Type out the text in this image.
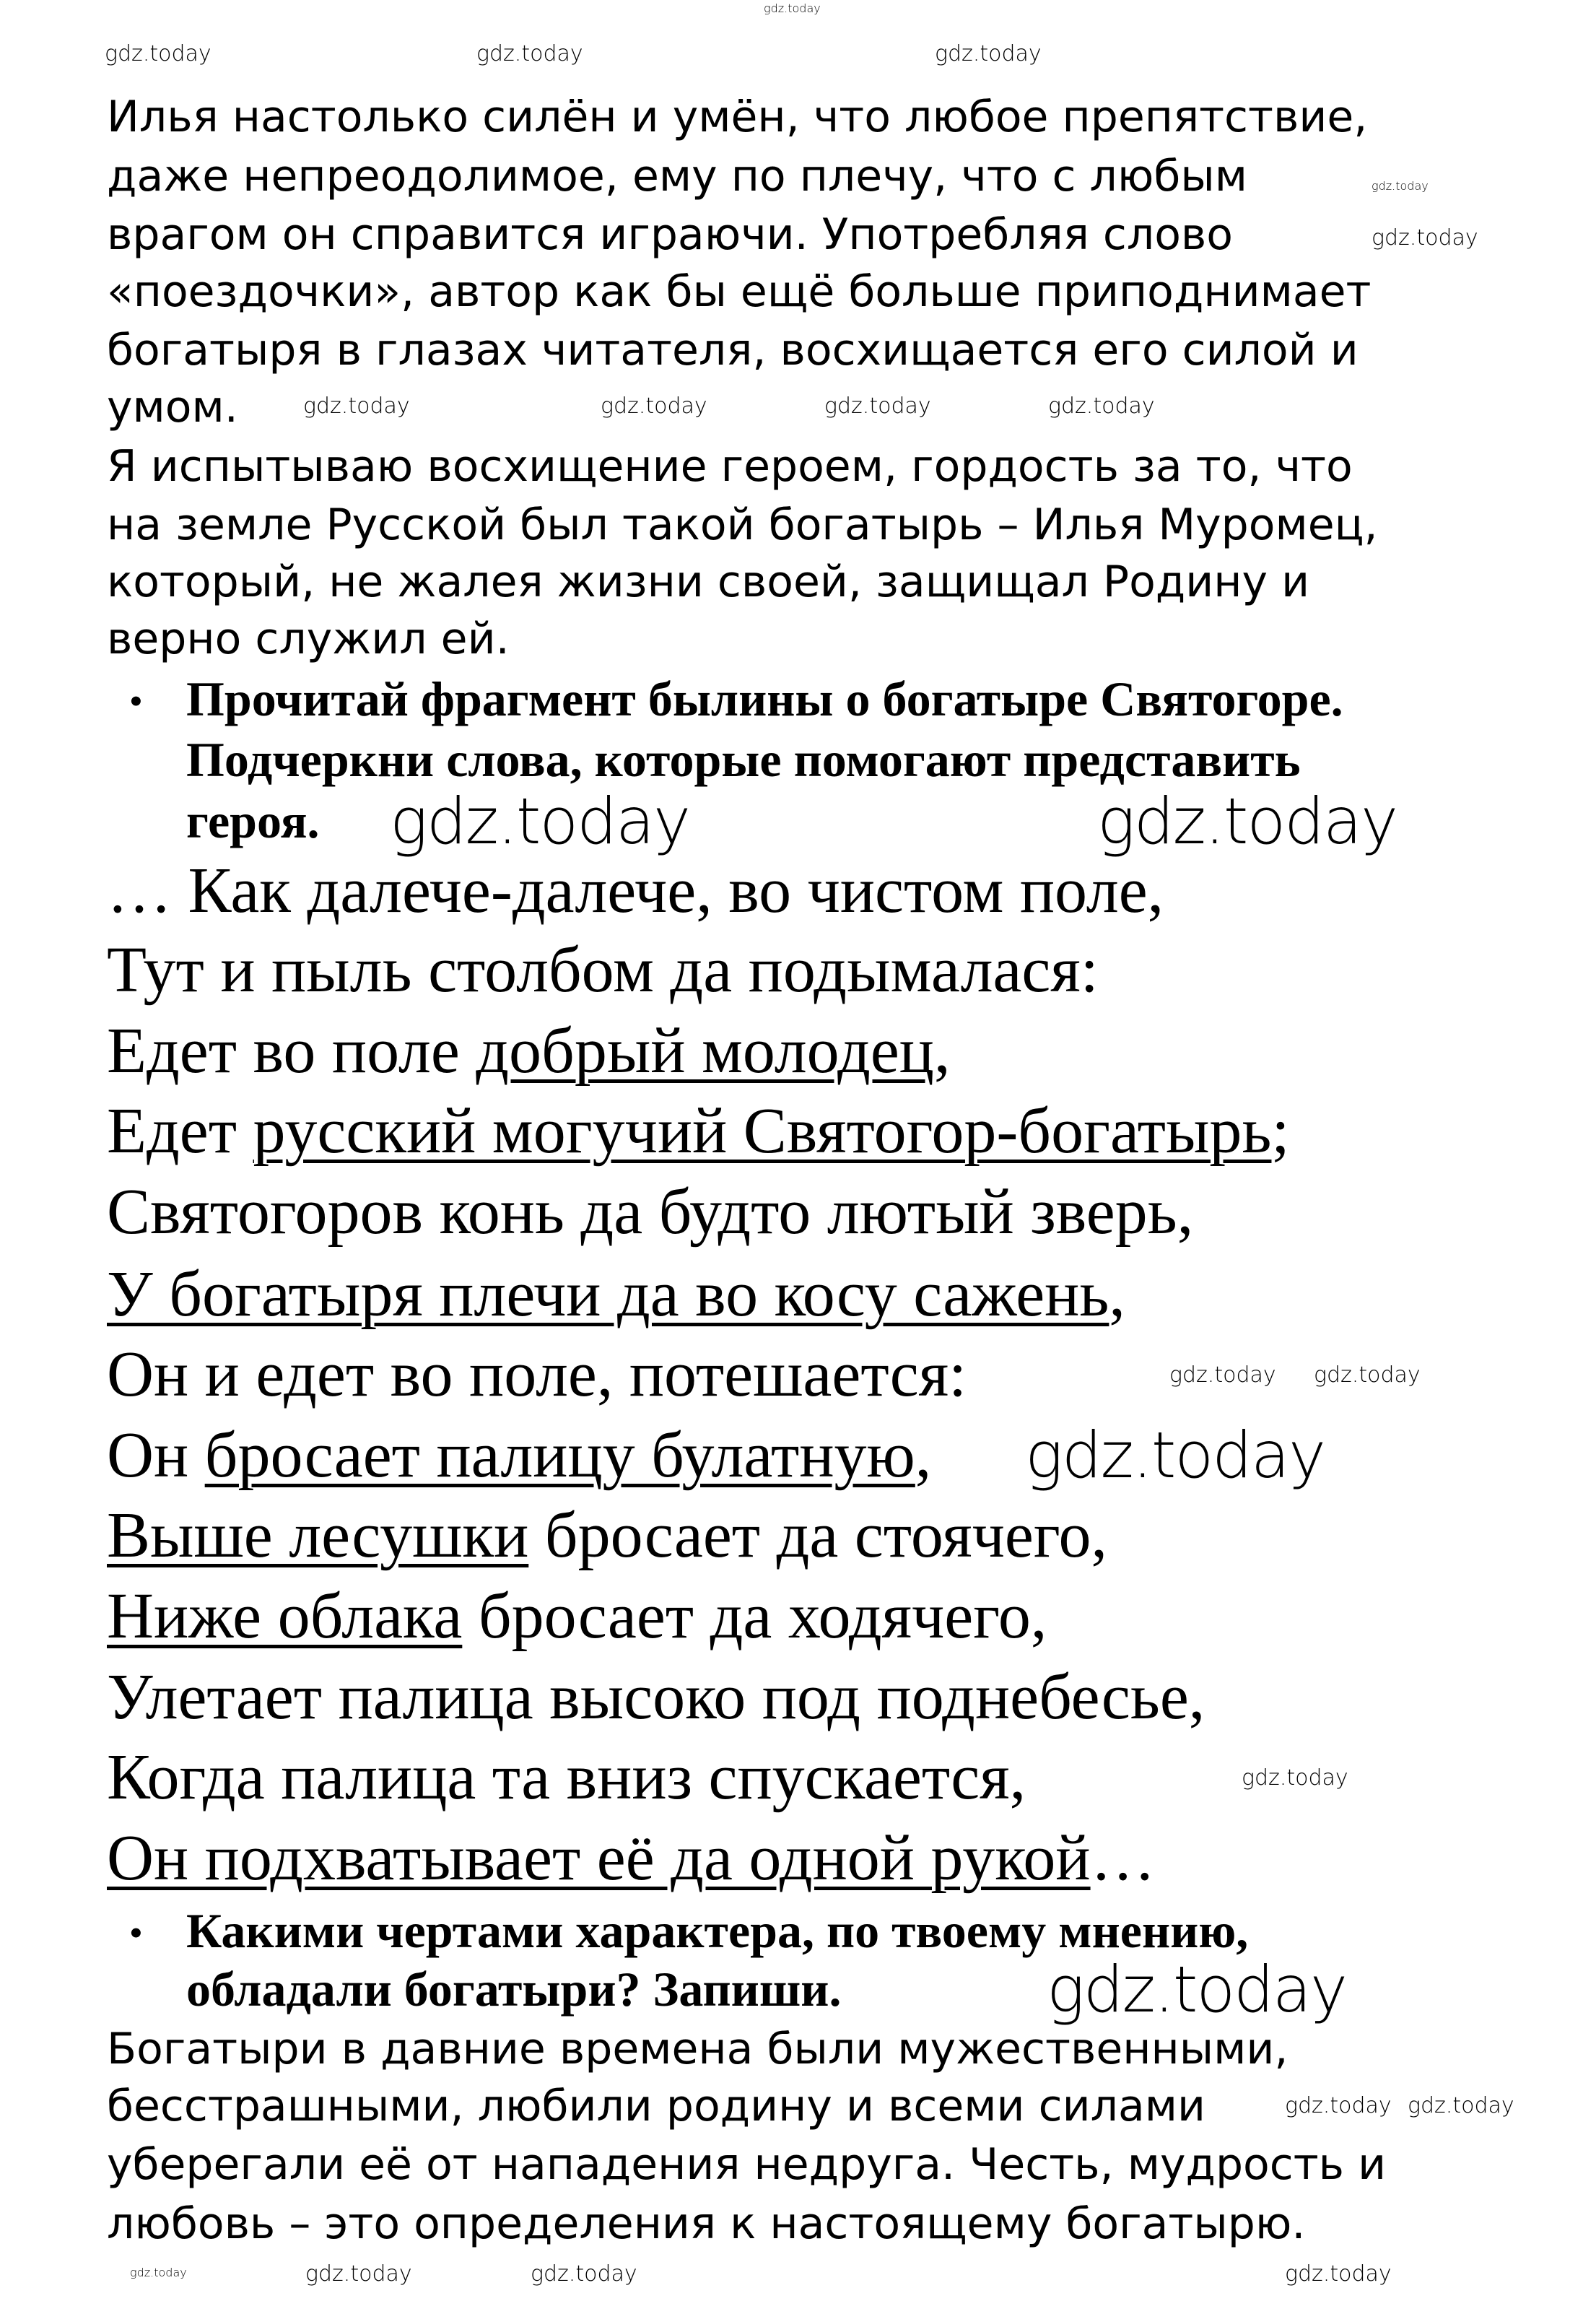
Илья настолько силён и умён, что любое препятствие,
даже непреодолимое, ему по плечу, что с любым
врагом он справится играючи. Употребляя слово
«поездочки», автор как бы ещё больше приподнимает
богатыря в глазах читателя, восхищается его силой и
умом.
Я испытываю восхищение героем, гордость за то, что
на земле Русской был такой богатырь – Илья Муромец,
который, не жалея жизни своей, защищал Родину и
верно служил ей.
• Прочитай фрагмент былины о богатыре Святогоре.
Подчеркни слова, которые помогают представить
героя.
… Как далече-далече, во чистом поле,
Тут и пыль столбом да подымалася:
Едет во поле добрый молодец,
Едет русский могучий Святогор-богатырь;
Святогоров конь да будто лютый зверь,
У богатыря плечи да во косу сажень,
Он и едет во поле, потешается:
Он бросает палицу булатную,
Выше лесушки бросает да стоячего,
Ниже облака бросает да ходячего,
Улетает палица высоко под поднебесье,
Когда палица та вниз спускается,
Он подхватывает её да одной рукой…
• Какими чертами характера, по твоему мнению,
обладали богатыри? Запиши.
Богатыри в давние времена были мужественными,
бесстрашными, любили родину и всеми силами
уберегали её от нападения недруга. Честь, мудрость и
любовь – это определения к настоящему богатырю.
gdz.today
gdz.today	gdz.today	gdz.today
gdz.today
gdz.today
gdz.today	gdz.today	gdz.today	gdz.today
gdz.today	gdz.today
gdz.today gdz.today
gdz.today
gdz.today
gdz.today
gdz.today gdz.today
gdz.today
gdz.today	gdz.today	gdz.today
